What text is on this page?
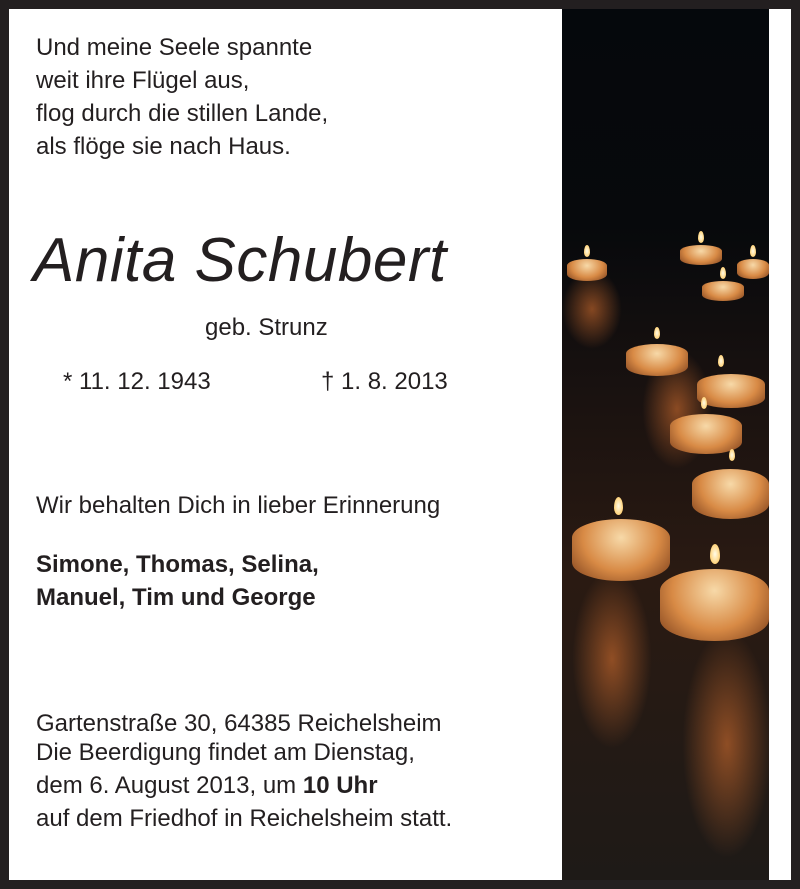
Und meine Seele spannte
weit ihre Flügel aus,
flog durch die stillen Lande,
als flöge sie nach Haus.
Anita Schubert
geb. Strunz
* 11. 12. 1943	† 1. 8. 2013
Wir behalten Dich in lieber Erinnerung
Simone, Thomas, Selina,
Manuel, Tim und George
Gartenstraße 30, 64385 Reichelsheim
Die Beerdigung findet am Dienstag,
dem 6. August 2013, um 10 Uhr
auf dem Friedhof in Reichelsheim statt.
